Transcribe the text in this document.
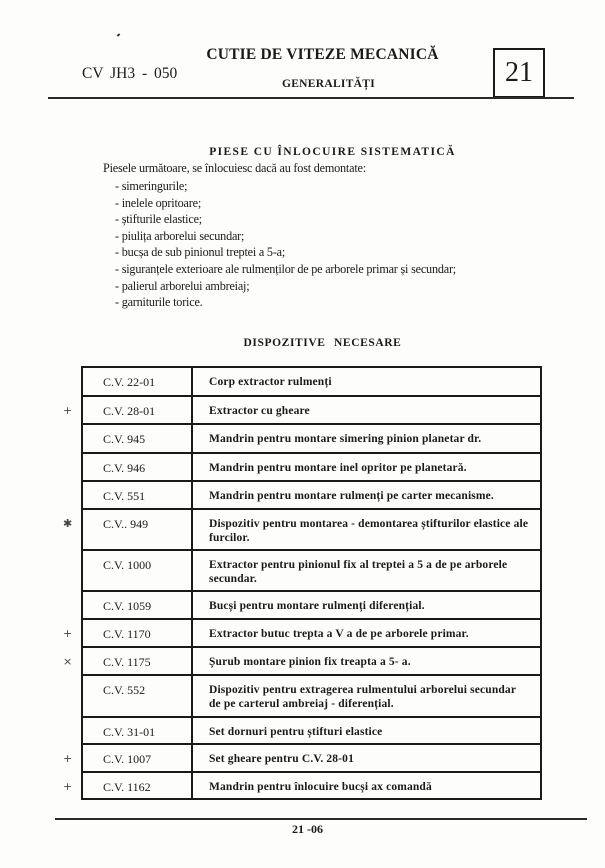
CUTIE DE VITEZE MECANICĂ
CV JH3 - 050
GENERALITĂȚI	21
PIESE CU ÎNLOCUIRE SISTEMATICĂ
Piesele următoare, se înlocuiesc dacă au fost demontate:
- simeringurile;
- inelele opritoare;
- știfturile elastice;
- piulița arborelui secundar;
- bucșa de sub pinionul treptei a 5-a;
- siguranțele exterioare ale rulmenților de pe arborele primar și secundar;
- palierul arborelui ambreiaj;
- garniturile torice.
DISPOZITIVE NECESARE
C.V. 22-01	Corp extractor rulmenți

+ C.V. 28-01	Extractor cu gheare

C.V. 945	Mandrin pentru montare simering pinion planetar dr.

C.V. 946	Mandrin pentru montare inel opritor pe planetară.

C.V. 551	Mandrin pentru montare rulmenți pe carter mecanisme.

✱ C.V.. 949	Dispozitiv pentru montarea - demontarea știfturilor elastice ale furcilor.

C.V. 1000	Extractor pentru pinionul fix al treptei a 5 a de pe arborele secundar.

C.V. 1059	Bucși pentru montare rulmenți diferențial.

+ C.V. 1170	Extractor butuc trepta a V a de pe arborele primar.

× C.V. 1175	Șurub montare pinion fix treapta a 5- a.

C.V. 552	Dispozitiv pentru extragerea rulmentului arborelui secundar de pe carterul ambreiaj - diferențial.

C.V. 31-01	Set dornuri pentru știfturi elastice

+ C.V. 1007	Set gheare pentru C.V. 28-01

+ C.V. 1162	Mandrin pentru înlocuire bucși ax comandă
21 -06
